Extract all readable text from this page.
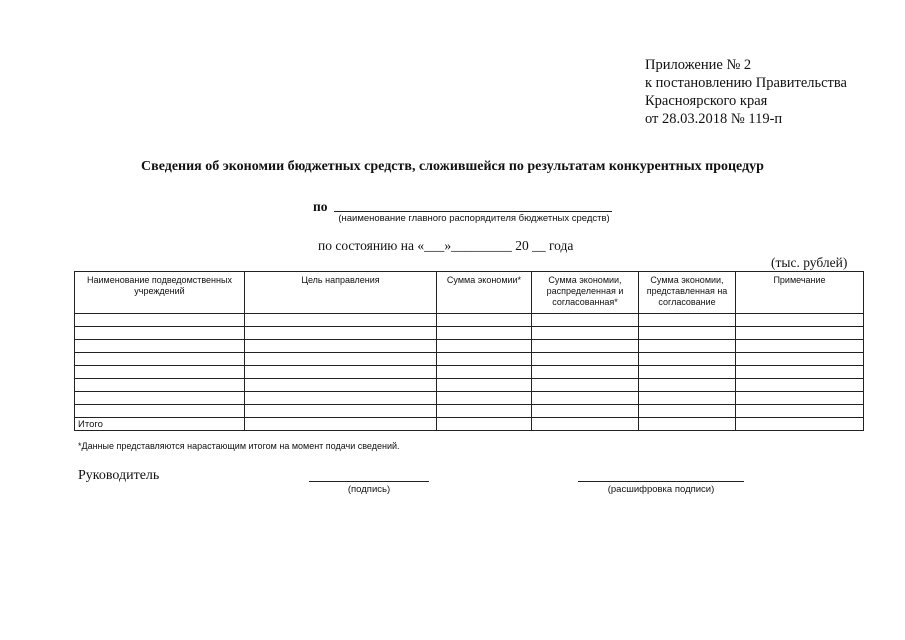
Приложение № 2
к постановлению Правительства
Красноярского края
от 28.03.2018 № 119-п
Сведения об экономии бюджетных средств, сложившейся по результатам конкурентных процедур
по
(наименование главного распорядителя бюджетных средств)
по состоянию на «___»_________ 20 __ года
(тыс. рублей)
Наименование подведомственных учреждений	Цель направления	Сумма экономии*	Сумма экономии, распределенная и согласованная*	Сумма экономии, представленная на согласование	Примечание

Итого					
*Данные представляются нарастающим итогом на момент подачи сведений.
Руководитель
(подпись)	(расшифровка подписи)
